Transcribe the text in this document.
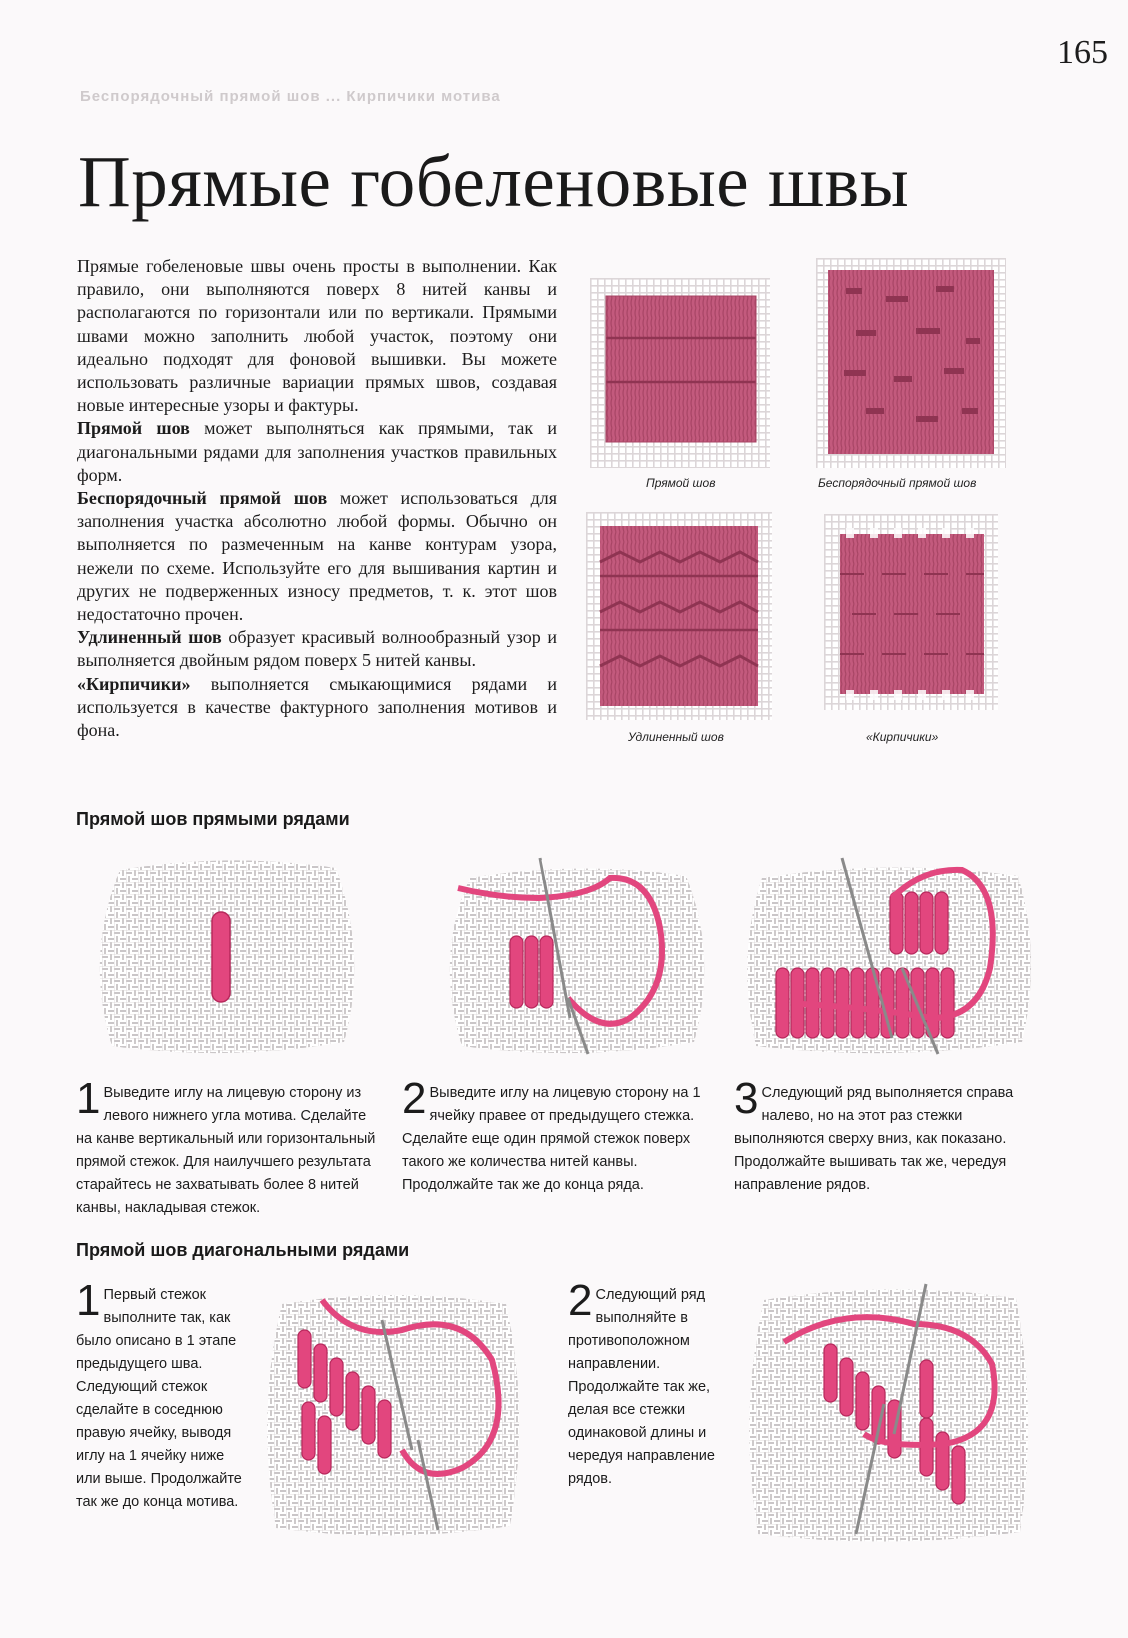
165
Беспорядочный прямой шов ... Кирпичики мотива
Прямые гобеленовые швы

Прямые гобеленовые швы очень просты в выполнении. Как правило, они выполняются поверх 8 нитей канвы и располагаются по горизонтали или по вертикали. Прямыми швами можно заполнить любой участок, поэтому они идеально подходят для фоновой вышивки. Вы можете использовать различные вариации прямых швов, создавая новые интересные узоры и фактуры.

Прямой шов может выполняться как прямыми, так и диагональными рядами для заполнения участков правильных форм.

Беспорядочный прямой шов может использоваться для заполнения участка абсолютно любой формы. Обычно он выполняется по размеченным на канве контурам узора, нежели по схеме. Используйте его для вышивания картин и других не подверженных износу предметов, т. к. этот шов недостаточно прочен.

Удлиненный шов образует красивый волнообразный узор и выполняется двойным рядом поверх 5 нитей канвы.

«Кирпичики» выполняется смыкающимися рядами и используется в качестве фактурного заполнения мотивов и фона.

Прямой шов	Беспорядочный прямой шов
Удлиненный шов	«Кирпичики»
Прямой шов прямыми рядами
1 Выведите иглу на лицевую сторону из левого нижнего угла мотива. Сделайте на канве вертикальный или горизонтальный прямой стежок. Для наилучшего результата старайтесь не захватывать более 8 нитей канвы, накладывая стежок.
2 Выведите иглу на лицевую сторону на 1 ячейку правее от предыдущего стежка. Сделайте еще один прямой стежок поверх такого же количества нитей канвы. Продолжайте так же до конца ряда.
3 Следующий ряд выполняется справа налево, но на этот раз стежки выполняются сверху вниз, как показано. Продолжайте вышивать так же, чередуя направление рядов.
Прямой шов диагональными рядами
1 Первый стежок выполните так, как было описано в 1 этапе предыдущего шва. Следующий стежок сделайте в соседнюю правую ячейку, выводя иглу на 1 ячейку ниже или выше. Продолжайте так же до конца мотива.
2 Следующий ряд выполняйте в противоположном направлении. Продолжайте так же, делая все стежки одинаковой длины и чередуя направление рядов.
